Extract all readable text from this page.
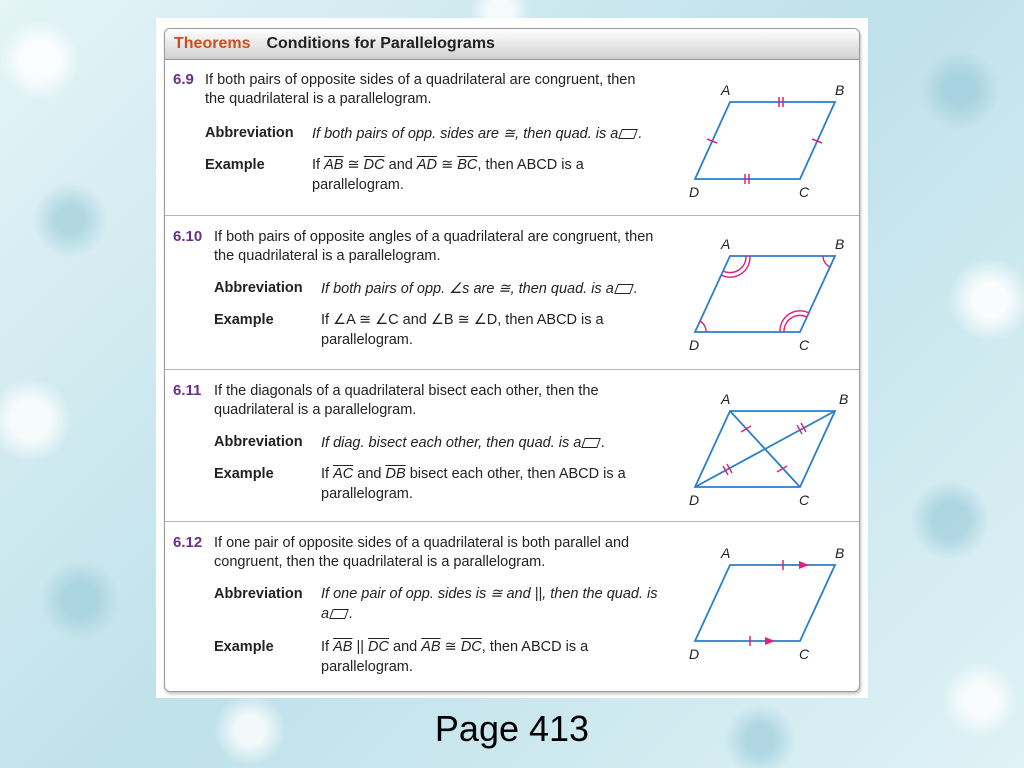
Theorems Conditions for Parallelograms
6.9 If both pairs of opposite sides of a quadrilateral are congruent, then the quadrilateral is a parallelogram.
Abbreviation If both pairs of opp. sides are ≅, then quad. is a .
Example	If $\overline{AB}$ ≅ $\overline{DC}$ and $\overline{AD}$ ≅ $\overline{BC}$, then ABCD is a parallelogram.
A	B
C
D
6.10 If both pairs of opposite angles of a quadrilateral are congruent, then the quadrilateral is a parallelogram.
Abbreviation If both pairs of opp. ∠s are ≅, then quad. is a .
Example	If ∠A ≅ ∠C and ∠B ≅ ∠D, then ABCD is a parallelogram.
A	B
C
D
6.11 If the diagonals of a quadrilateral bisect each other, then the quadrilateral is a parallelogram.
Abbreviation If diag. bisect each other, then quad. is a .
Example	If $\overline{AC}$ and $\overline{DB}$ bisect each other, then ABCD is a parallelogram.
A	B
C
D
6.12 If one pair of opposite sides of a quadrilateral is both parallel and congruent, then the quadrilateral is a parallelogram.
Abbreviation If one pair of opp. sides is ≅ and ||, then the quad. is a .
Example	If $\overline{AB}$ || $\overline{DC}$ and $\overline{AB}$ ≅ $\overline{DC}$, then ABCD is a parallelogram.
A	B
C
D
Page 413
